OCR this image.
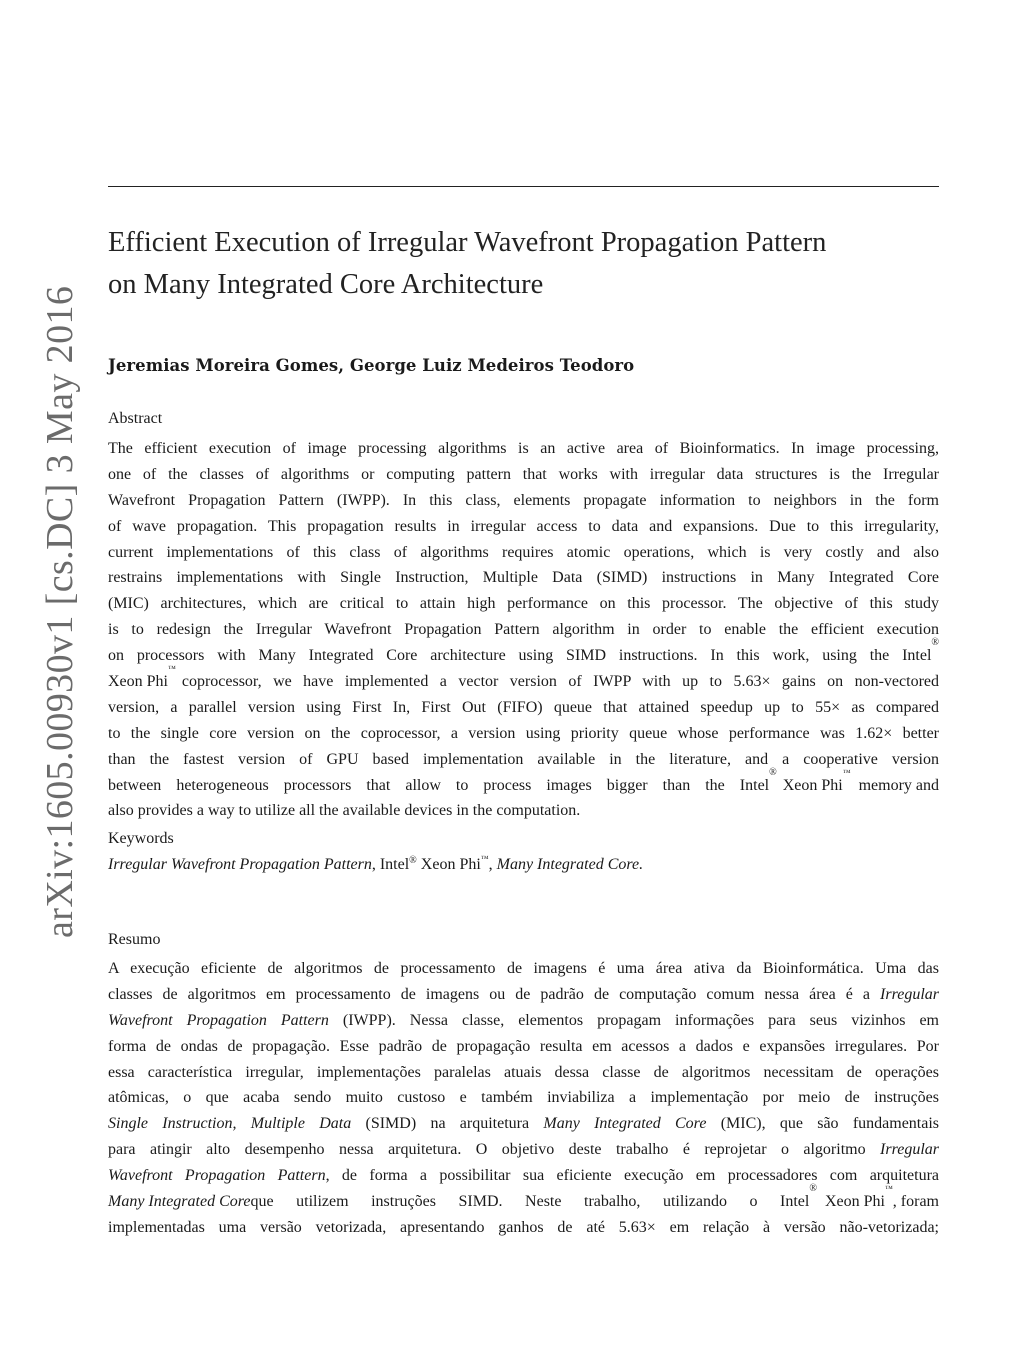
arXiv:1605.00930v1 [cs.DC] 3 May 2016
Efficient Execution of Irregular Wavefront Propagation Pattern
on Many Integrated Core Architecture
Jeremias Moreira Gomes, George Luiz Medeiros Teodoro
Abstract
The efficient execution of image processing algorithms is an active area of Bioinformatics. In image processing,
one of the classes of algorithms or computing pattern that works with irregular data structures is the Irregular
Wavefront Propagation Pattern (IWPP). In this class, elements propagate information to neighbors in the form
of wave propagation. This propagation results in irregular access to data and expansions. Due to this irregularity,
current implementations of this class of algorithms requires atomic operations, which is very costly and also
restrains implementations with Single Instruction, Multiple Data (SIMD) instructions in Many Integrated Core
(MIC) architectures, which are critical to attain high performance on this processor. The objective of this study
is to redesign the Irregular Wavefront Propagation Pattern algorithm in order to enable the efficient execution
on processors with Many Integrated Core architecture using SIMD instructions. In this work, using the Intel
®
Xeon Phi
™
coprocessor, we have implemented a vector version of IWPP with up to 5.63× gains on non-vectored
version, a parallel version using First In, First Out (FIFO) queue that attained speedup up to 55× as compared
to the single core version on the coprocessor, a version using priority queue whose performance was 1.62× better
than the fastest version of GPU based implementation available in the literature, and a cooperative version
between heterogeneous processors that allow to process images bigger than the Intel
®
Xeon Phi
™
memory and
also provides a way to utilize all the available devices in the computation.
Keywords
Irregular Wavefront Propagation Pattern, Intel® Xeon Phi™, Many Integrated Core.
Resumo
A execução eficiente de algoritmos de processamento de imagens é uma área ativa da Bioinformática. Uma das
classes de algoritmos em processamento de imagens ou de padrão de computação comum nessa área é a Irregular
Wavefront Propagation Pattern (IWPP). Nessa classe, elementos propagam informações para seus vizinhos em
forma de ondas de propagação. Esse padrão de propagação resulta em acessos a dados e expansões irregulares. Por
essa característica irregular, implementações paralelas atuais dessa classe de algoritmos necessitam de operações
atômicas, o que acaba sendo muito custoso e também inviabiliza a implementação por meio de instruções
Single Instruction, Multiple Data (SIMD) na arquitetura Many Integrated Core (MIC), que são fundamentais
para atingir alto desempenho nessa arquitetura. O objetivo deste trabalho é reprojetar o algoritmo Irregular
Wavefront Propagation Pattern, de forma a possibilitar sua eficiente execução em processadores com arquitetura
Many Integrated Core que utilizem instruções SIMD. Neste trabalho, utilizando o Intel
®
Xeon Phi
™
, foram
implementadas uma versão vetorizada, apresentando ganhos de até 5.63× em relação à versão não-vetorizada;
